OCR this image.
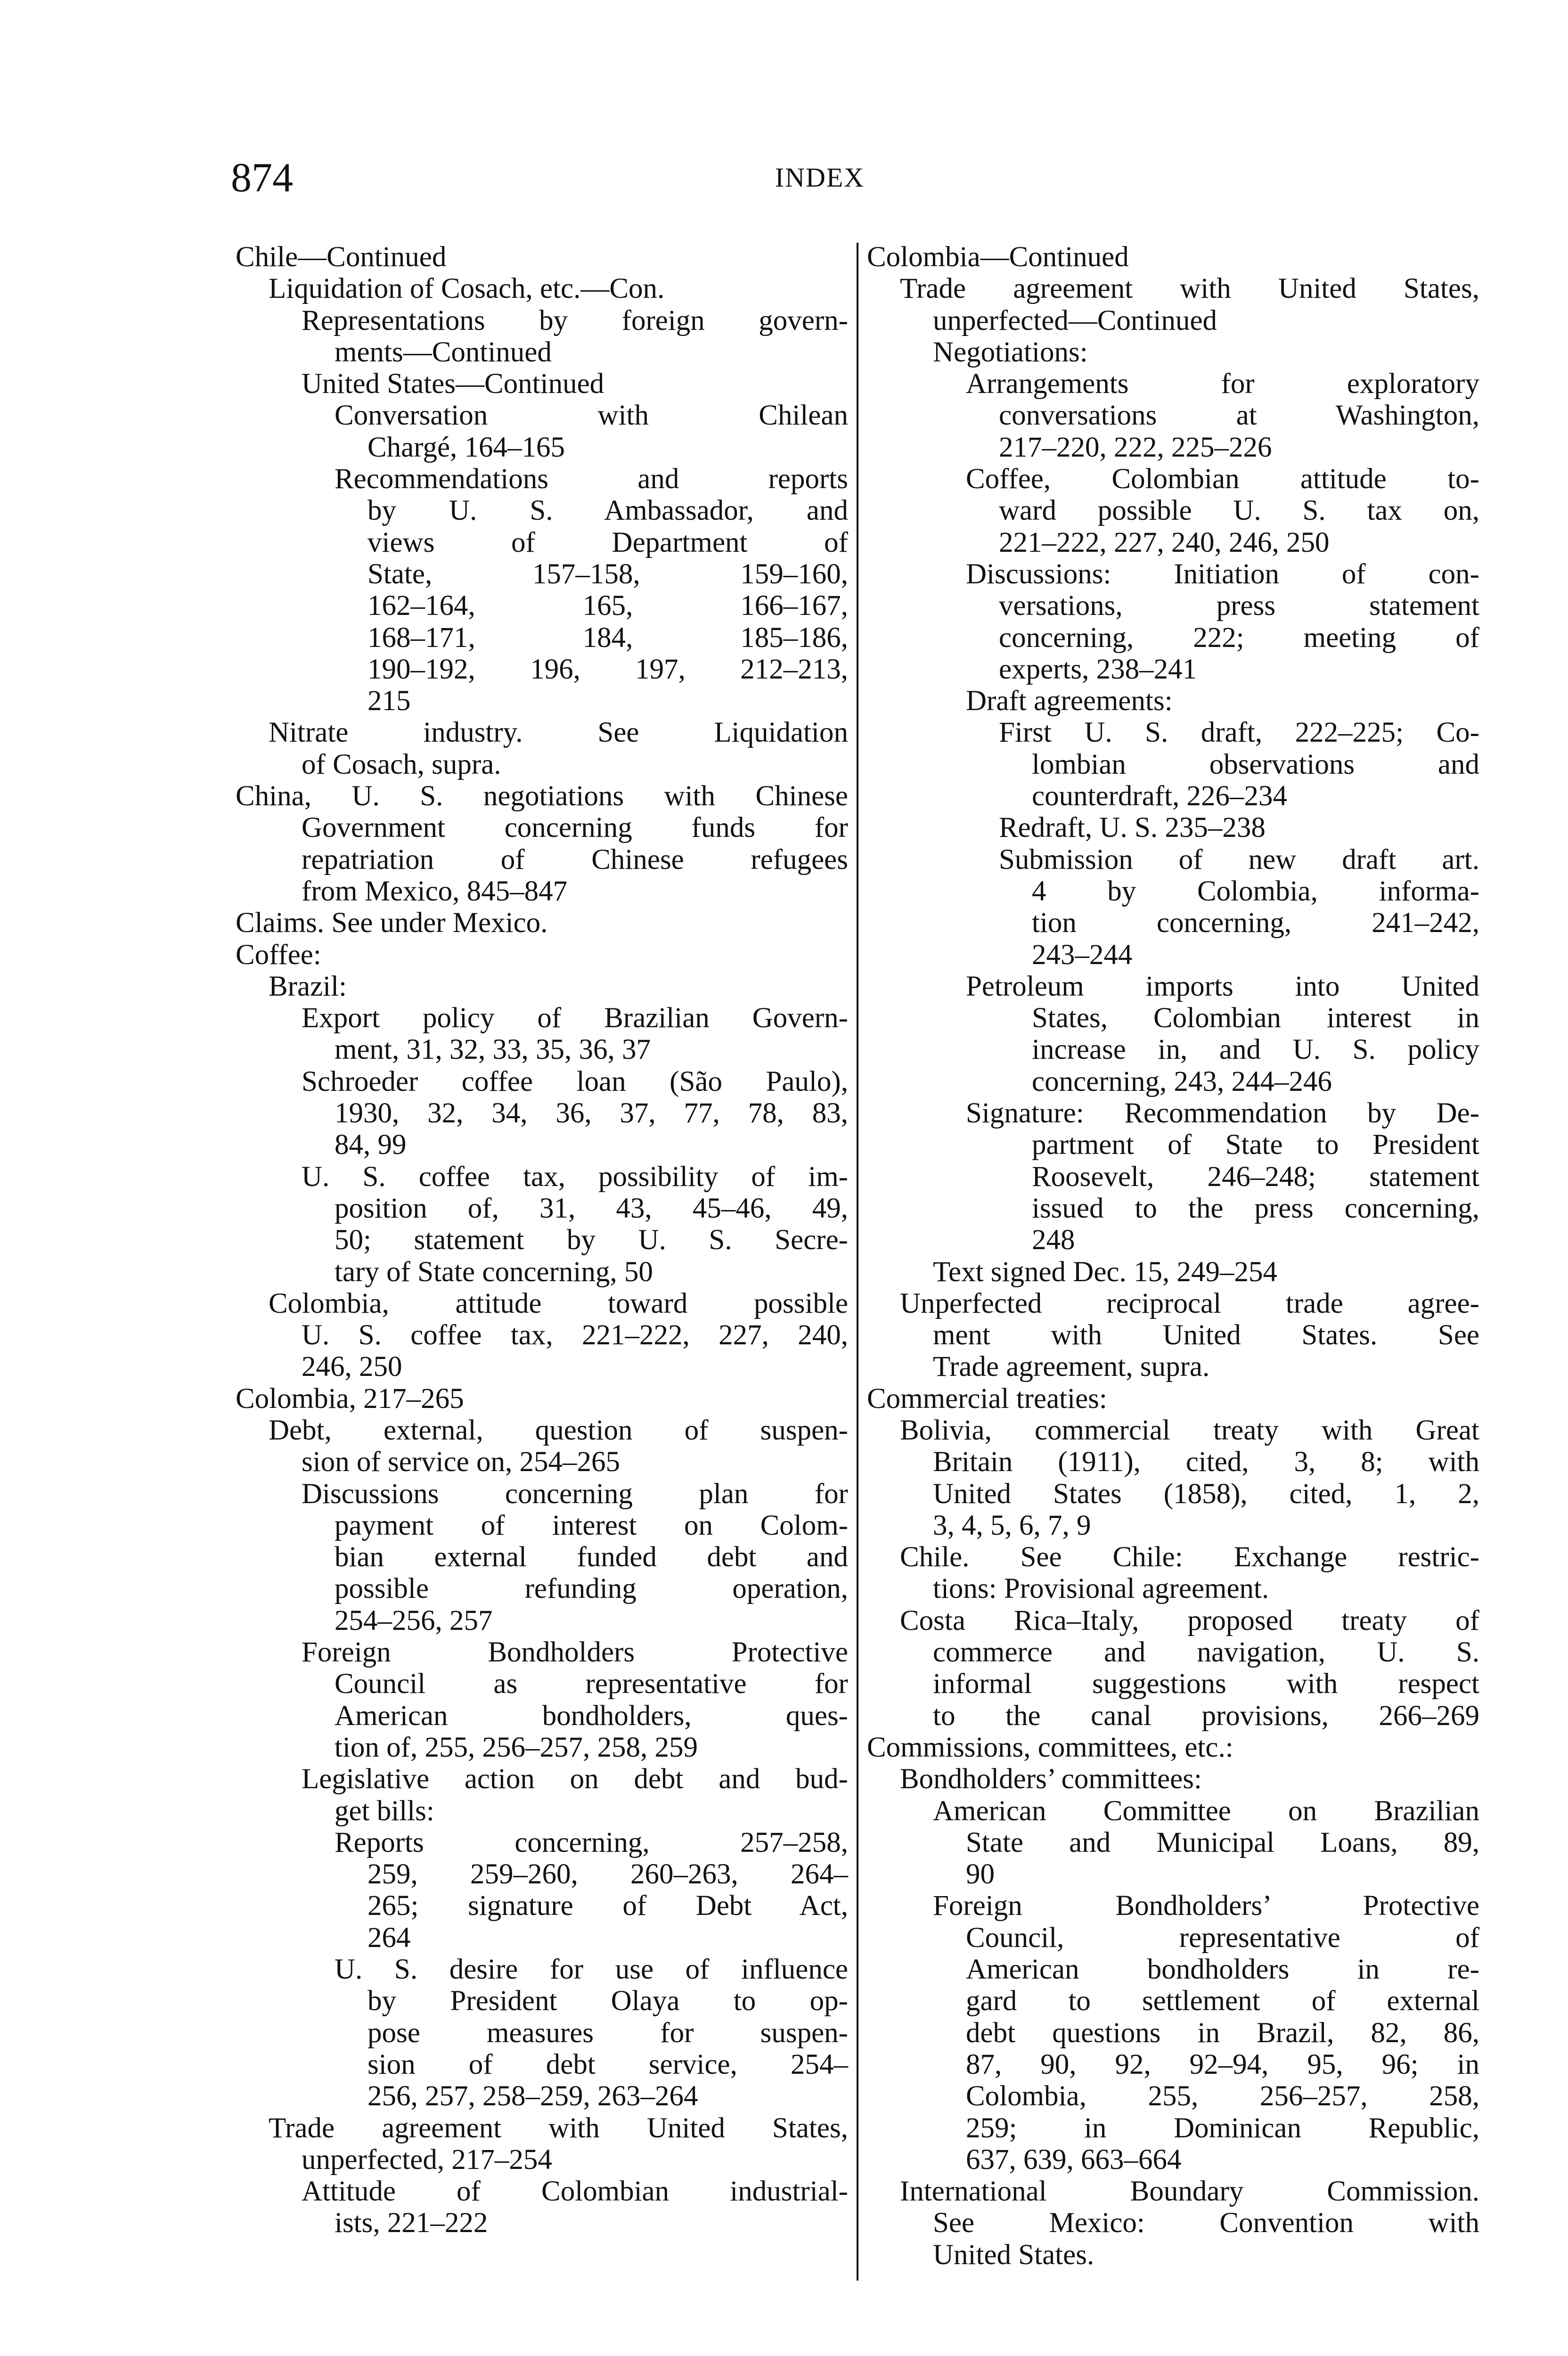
874	INDEX
Chile—Continued
Liquidation of Cosach, etc.—Con.
Representations by foreign govern-
ments—Continued
United States—Continued
Conversation with Chilean
Chargé, 164–165
Recommendations and reports
by U. S. Ambassador, and
views of Department of
State, 157–158, 159–160,
162–164, 165, 166–167,
168–171, 184, 185–186,
190–192, 196, 197, 212–213,
215
Nitrate industry. See Liquidation
of Cosach, supra.
China, U. S. negotiations with Chinese
Government concerning funds for
repatriation of Chinese refugees
from Mexico, 845–847
Claims. See under Mexico.
Coffee:
Brazil:
Export policy of Brazilian Govern-
ment, 31, 32, 33, 35, 36, 37
Schroeder coffee loan (São Paulo),
1930, 32, 34, 36, 37, 77, 78, 83,
84, 99
U. S. coffee tax, possibility of im-
position of, 31, 43, 45–46, 49,
50; statement by U. S. Secre-
tary of State concerning, 50
Colombia, attitude toward possible
U. S. coffee tax, 221–222, 227, 240,
246, 250
Colombia, 217–265
Debt, external, question of suspen-
sion of service on, 254–265
Discussions concerning plan for
payment of interest on Colom-
bian external funded debt and
possible refunding operation,
254–256, 257
Foreign Bondholders Protective
Council as representative for
American bondholders, ques-
tion of, 255, 256–257, 258, 259
Legislative action on debt and bud-
get bills:
Reports concerning, 257–258,
259, 259–260, 260–263, 264–
265; signature of Debt Act,
264
U. S. desire for use of influence
by President Olaya to op-
pose measures for suspen-
sion of debt service, 254–
256, 257, 258–259, 263–264
Trade agreement with United States,
unperfected, 217–254
Attitude of Colombian industrial-
ists, 221–222
Colombia—Continued
Trade agreement with United States,
unperfected—Continued
Negotiations:
Arrangements for exploratory
conversations at Washington,
217–220, 222, 225–226
Coffee, Colombian attitude to-
ward possible U. S. tax on,
221–222, 227, 240, 246, 250
Discussions: Initiation of con-
versations, press statement
concerning, 222; meeting of
experts, 238–241
Draft agreements:
First U. S. draft, 222–225; Co-
lombian observations and
counterdraft, 226–234
Redraft, U. S. 235–238
Submission of new draft art.
4 by Colombia, informa-
tion concerning, 241–242,
243–244
Petroleum imports into United
States, Colombian interest in
increase in, and U. S. policy
concerning, 243, 244–246
Signature: Recommendation by De-
partment of State to President
Roosevelt, 246–248; statement
issued to the press concerning,
248
Text signed Dec. 15, 249–254
Unperfected reciprocal trade agree-
ment with United States. See
Trade agreement, supra.
Commercial treaties:
Bolivia, commercial treaty with Great
Britain (1911), cited, 3, 8; with
United States (1858), cited, 1, 2,
3, 4, 5, 6, 7, 9
Chile. See Chile: Exchange restric-
tions: Provisional agreement.
Costa Rica–Italy, proposed treaty of
commerce and navigation, U. S.
informal suggestions with respect
to the canal provisions, 266–269
Commissions, committees, etc.:
Bondholders’ committees:
American Committee on Brazilian
State and Municipal Loans, 89,
90
Foreign Bondholders’ Protective
Council, representative of
American bondholders in re-
gard to settlement of external
debt questions in Brazil, 82, 86,
87, 90, 92, 92–94, 95, 96; in
Colombia, 255, 256–257, 258,
259; in Dominican Republic,
637, 639, 663–664
International Boundary Commission.
See Mexico: Convention with
United States.
